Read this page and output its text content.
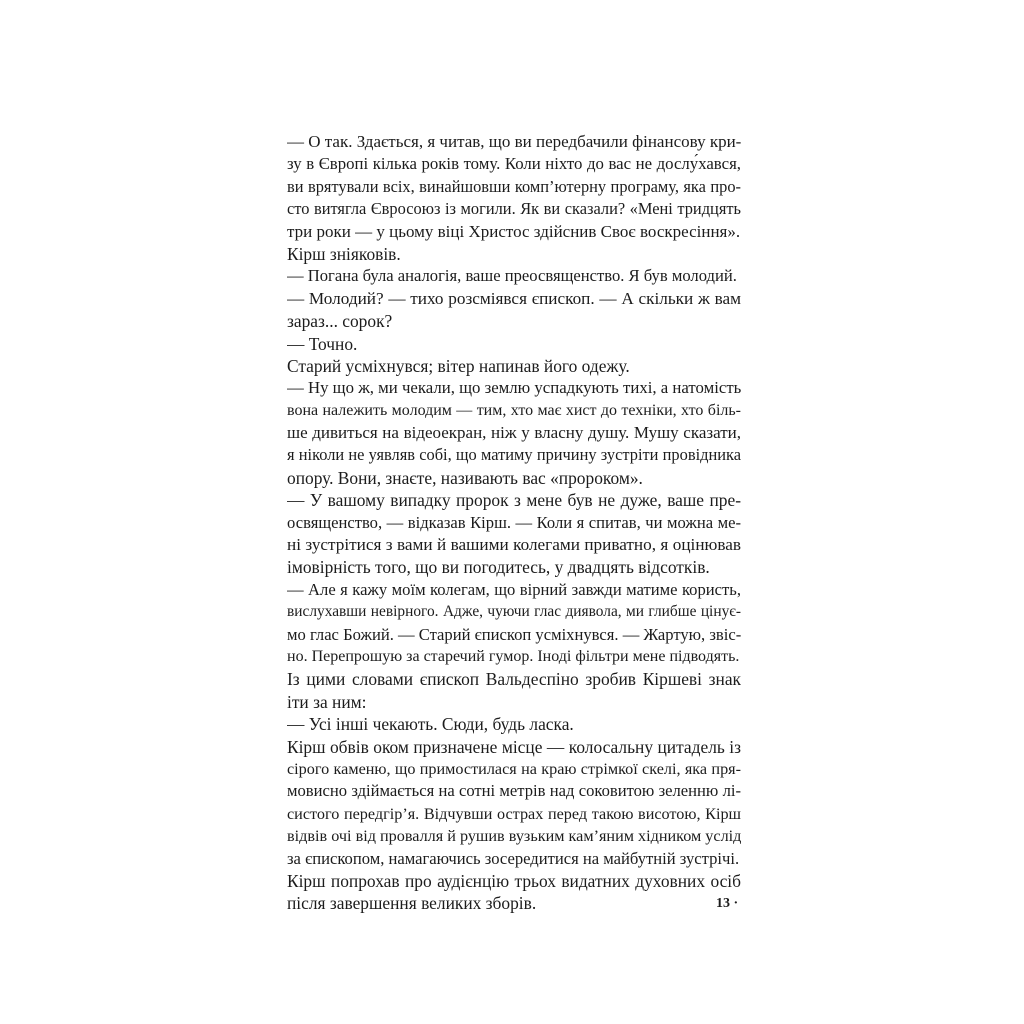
— О так. Здається, я читав, що ви передбачили фінансову кри-
зу в Європі кілька років тому. Коли ніхто до вас не дослу́хався,
ви врятували всіх, винайшовши комп’ютерну програму, яка про-
сто витягла Євросоюз із могили. Як ви сказали? «Мені тридцять
три роки — у цьому віці Христос здійснив Своє воскресіння».
Кірш зніяковів.
— Погана була аналогія, ваше преосвященство. Я був молодий.
— Молодий? — тихо розсміявся єпископ. — А скільки ж вам
зараз... сорок?
— Точно.
Старий усміхнувся; вітер напинав його одежу.
— Ну що ж, ми чекали, що землю успадкують тихі, а натомість
вона належить молодим — тим, хто має хист до техніки, хто біль-
ше дивиться на відеоекран, ніж у власну душу. Мушу сказати,
я ніколи не уявляв собі, що матиму причину зустріти провідника
опору. Вони, знаєте, називають вас «пророком».
— У вашому випадку пророк з мене був не дуже, ваше пре-
освященство, — відказав Кірш. — Коли я спитав, чи можна ме-
ні зустрітися з вами й вашими колегами приватно, я оцінював
імовірність того, що ви погодитесь, у двадцять відсотків.
— Але я кажу моїм колегам, що вірний завжди матиме користь,
вислухавши невірного. Адже, чуючи глас диявола, ми глибше цінує-
мо глас Божий. — Старий єпископ усміхнувся. — Жартую, звіс-
но. Перепрошую за старечий гумор. Іноді фільтри мене підводять.
Із цими словами єпископ Вальдеспіно зробив Кіршеві знак
іти за ним:
— Усі інші чекають. Сюди, будь ласка.
Кірш обвів оком призначене місце — колосальну цитадель із
сірого каменю, що примостилася на краю стрімкої скелі, яка пря-
мовисно здіймається на сотні метрів над соковитою зеленню лі-
систого передгір’я. Відчувши острах перед такою висотою, Кірш
відвів очі від провалля й рушив вузьким кам’яним хідником услід
за єпископом, намагаючись зосередитися на майбутній зустрічі.
Кірш попрохав про аудієнцію трьох видатних духовних осіб
після завершення великих зборів.	13 ·
